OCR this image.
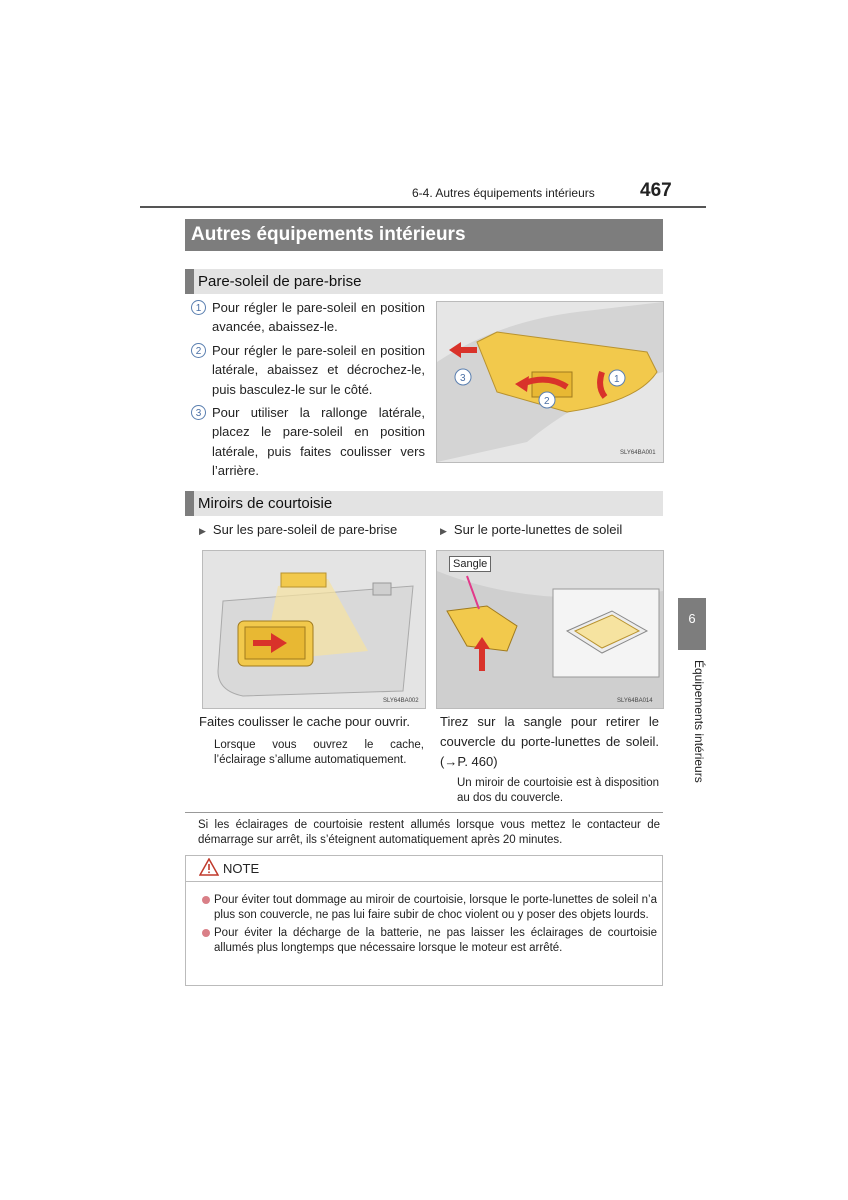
6-4. Autres équipements intérieurs 467
Autres équipements intérieurs
Pare-soleil de pare-brise
1 Pour régler le pare-soleil en position avancée, abaissez-le.
2 Pour régler le pare-soleil en position latérale, abaissez et décrochez-le, puis basculez-le sur le côté.
3 Pour utiliser la rallonge latérale, placez le pare-soleil en position latérale, puis faites coulisser vers l’arrière.
1
2
3
SLY64BA001
Miroirs de courtoisie
▶ Sur les pare-soleil de pare-brise	▶ Sur le porte-lunettes de soleil
SLY64BA002	SLY64BA014
Sangle
Faites coulisser le cache pour ouvrir.
Lorsque vous ouvrez le cache, l’éclairage s’allume automatiquement.
Tirez sur la sangle pour retirer le couvercle du porte-lunettes de soleil. (→P. 460)
Un miroir de courtoisie est à disposition au dos du couvercle.
Si les éclairages de courtoisie restent allumés lorsque vous mettez le contacteur de démarrage sur arrêt, ils s’éteignent automatiquement après 20 minutes.
NOTE
Pour éviter tout dommage au miroir de courtoisie, lorsque le porte-lunettes de soleil n’a plus son couvercle, ne pas lui faire subir de choc violent ou y poser des objets lourds.
Pour éviter la décharge de la batterie, ne pas laisser les éclairages de courtoisie allumés plus longtemps que nécessaire lorsque le moteur est arrêté.
6
Équipements intérieurs
